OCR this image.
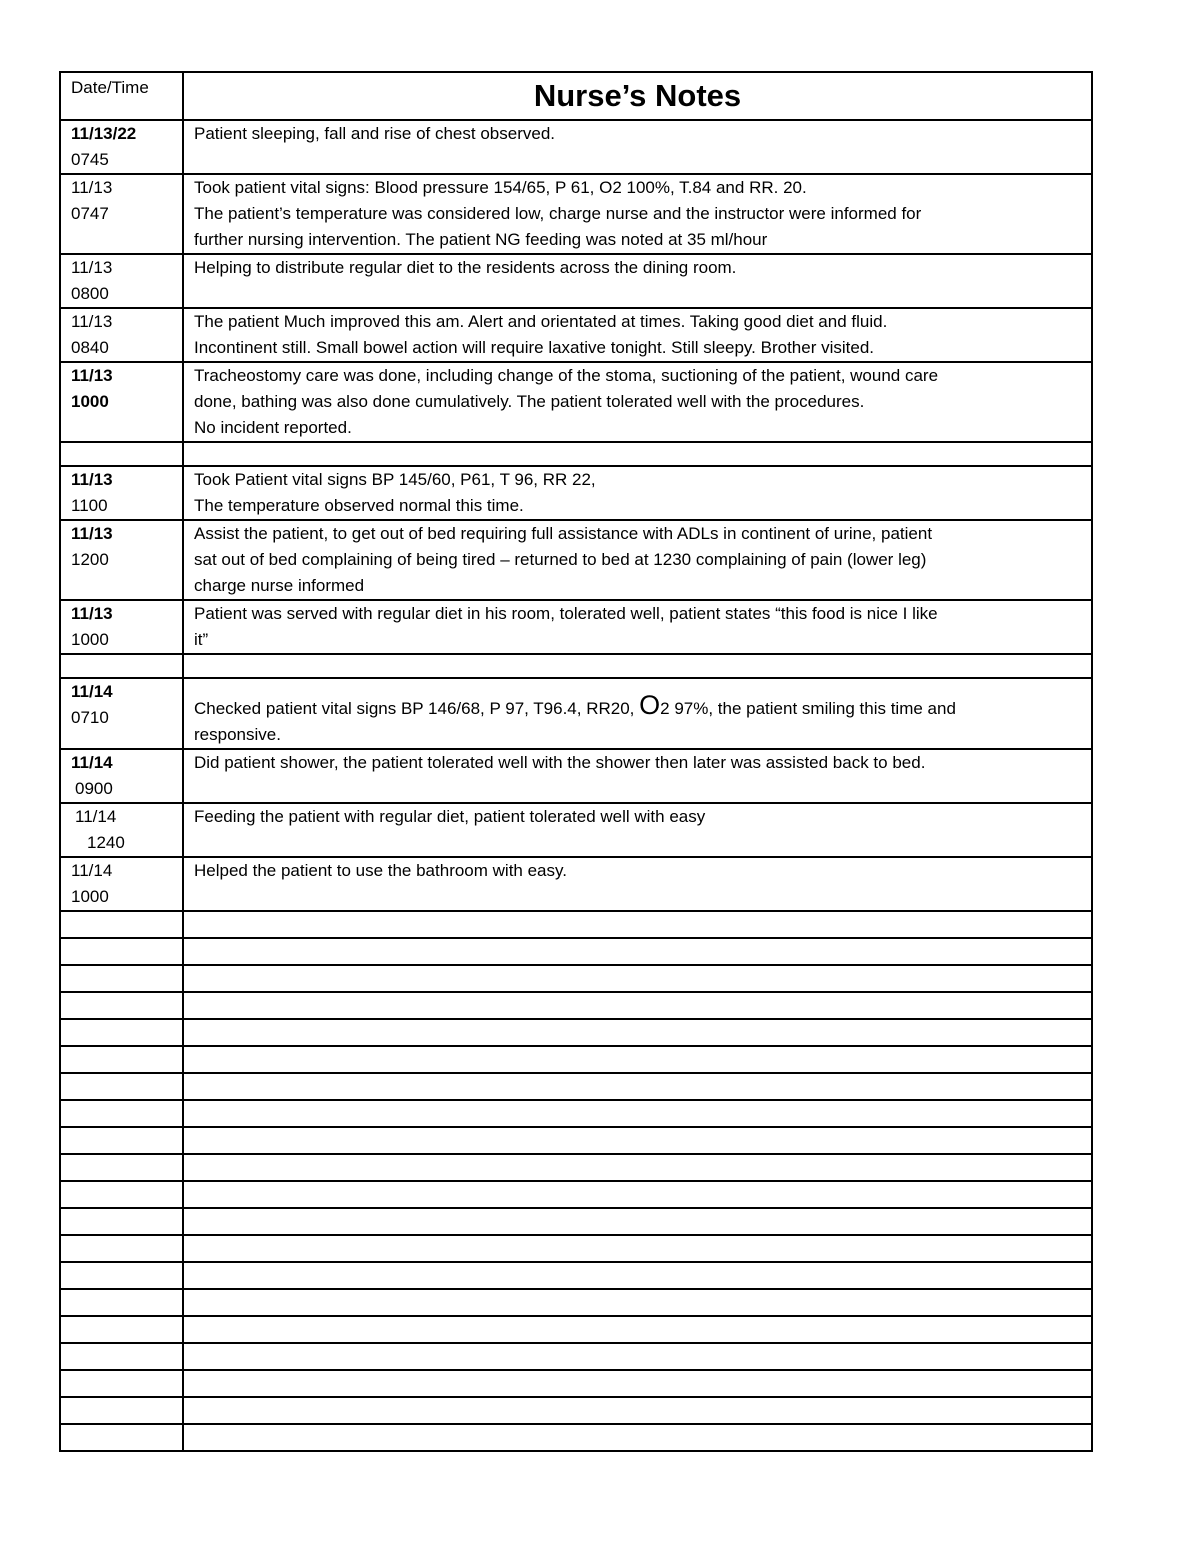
Date/Time	Nurse’s Notes

11/13/22
0745	Patient sleeping, fall and rise of chest observed.

11/13
0747	Took patient vital signs: Blood pressure 154/65, P 61, O2 100%, T.84 and RR. 20.
The patient’s temperature was considered low, charge nurse and the instructor were informed for
further nursing intervention. The patient NG feeding was noted at 35 ml/hour

11/13
0800	Helping to distribute regular diet to the residents across the dining room.

11/13
0840	The patient Much improved this am. Alert and orientated at times. Taking good diet and fluid.
Incontinent still. Small bowel action will require laxative tonight. Still sleepy. Brother visited.

11/13
1000	Tracheostomy care was done, including change of the stoma, suctioning of the patient, wound care
done, bathing was also done cumulatively. The patient tolerated well with the procedures.
No incident reported.

11/13
1100	Took Patient vital signs BP 145/60, P61, T 96, RR 22,
The temperature observed normal this time.

11/13
1200	Assist the patient, to get out of bed requiring full assistance with ADLs in continent of urine, patient
sat out of bed complaining of being tired – returned to bed at 1230 complaining of pain (lower leg)
charge nurse informed

11/13
1000	Patient was served with regular diet in his room, tolerated well, patient states “this food is nice I like
it”

11/14
0710	Checked patient vital signs BP 146/68, P 97, T96.4, RR20, O2 97%, the patient smiling this time and
responsive.

11/14
0900	Did patient shower, the patient tolerated well with the shower then later was assisted back to bed.

11/14
1240	Feeding the patient with regular diet, patient tolerated well with easy

11/14
1000	Helped the patient to use the bathroom with easy.
